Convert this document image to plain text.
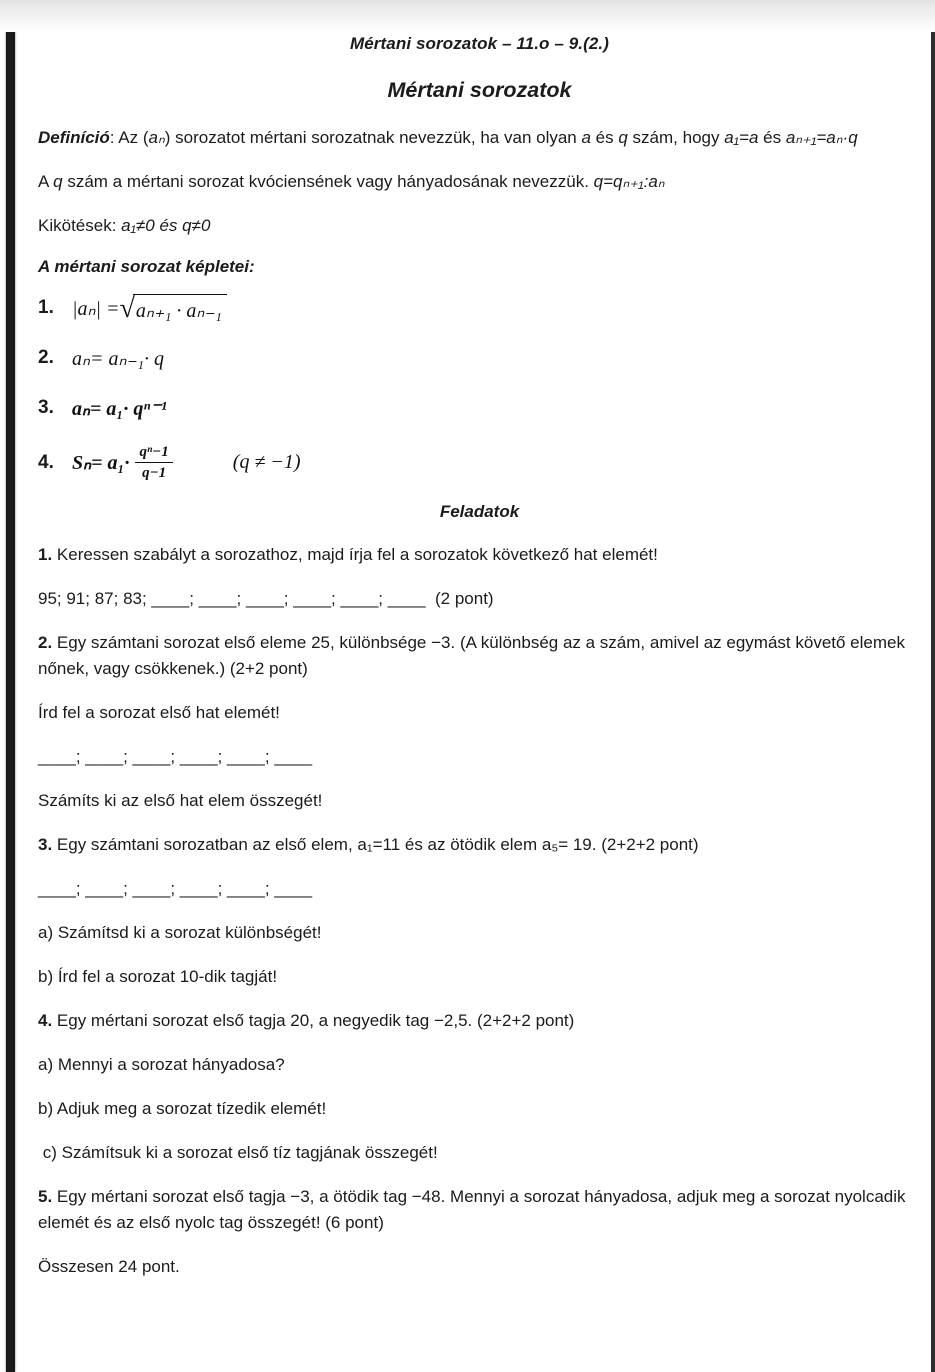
Mértani sorozatok – 11.o – 9.(2.)
Mértani sorozatok

Definíció: Az (aₙ) sorozatot mértani sorozatnak nevezzük, ha van olyan a és q szám, hogy a₁=a és aₙ₊₁=aₙ·q

A q szám a mértani sorozat kvóciensének vagy hányadosának nevezzük. q=qₙ₊₁:aₙ

Kikötések: a₁≠0 és q≠0

A mértani sorozat képletei:
1. |aₙ| = √ aₙ₊₁ · aₙ₋₁
2. aₙ= aₙ₋₁· q
3. aₙ= a₁· qⁿ⁻¹
4. $S_n= a_1\cdot \frac{\text{qⁿ−1}}{q-1}$	(q ≠ −1)
Feladatok

1. Keressen szabályt a sorozathoz, majd írja fel a sorozatok következő hat elemét!

95; 91; 87; 83; ____; ____; ____; ____; ____; ____  (2 pont)

2. Egy számtani sorozat első eleme 25, különbsége −3. (A különbség az a szám, amivel az egymást követő elemek nőnek, vagy csökkenek.) (2+2 pont)

Írd fel a sorozat első hat elemét!

____; ____; ____; ____; ____; ____

Számíts ki az első hat elem összegét!

3. Egy számtani sorozatban az első elem, a₁=11 és az ötödik elem a₅= 19. (2+2+2 pont)

____; ____; ____; ____; ____; ____

a) Számítsd ki a sorozat különbségét!

b) Írd fel a sorozat 10-dik tagját!

4. Egy mértani sorozat első tagja 20, a negyedik tag −2,5. (2+2+2 pont)

a) Mennyi a sorozat hányadosa?

b) Adjuk meg a sorozat tízedik elemét!

c) Számítsuk ki a sorozat első tíz tagjának összegét!

5. Egy mértani sorozat első tagja −3, a ötödik tag −48. Mennyi a sorozat hányadosa, adjuk meg a sorozat nyolcadik elemét és az első nyolc tag összegét! (6 pont)

Összesen 24 pont.
